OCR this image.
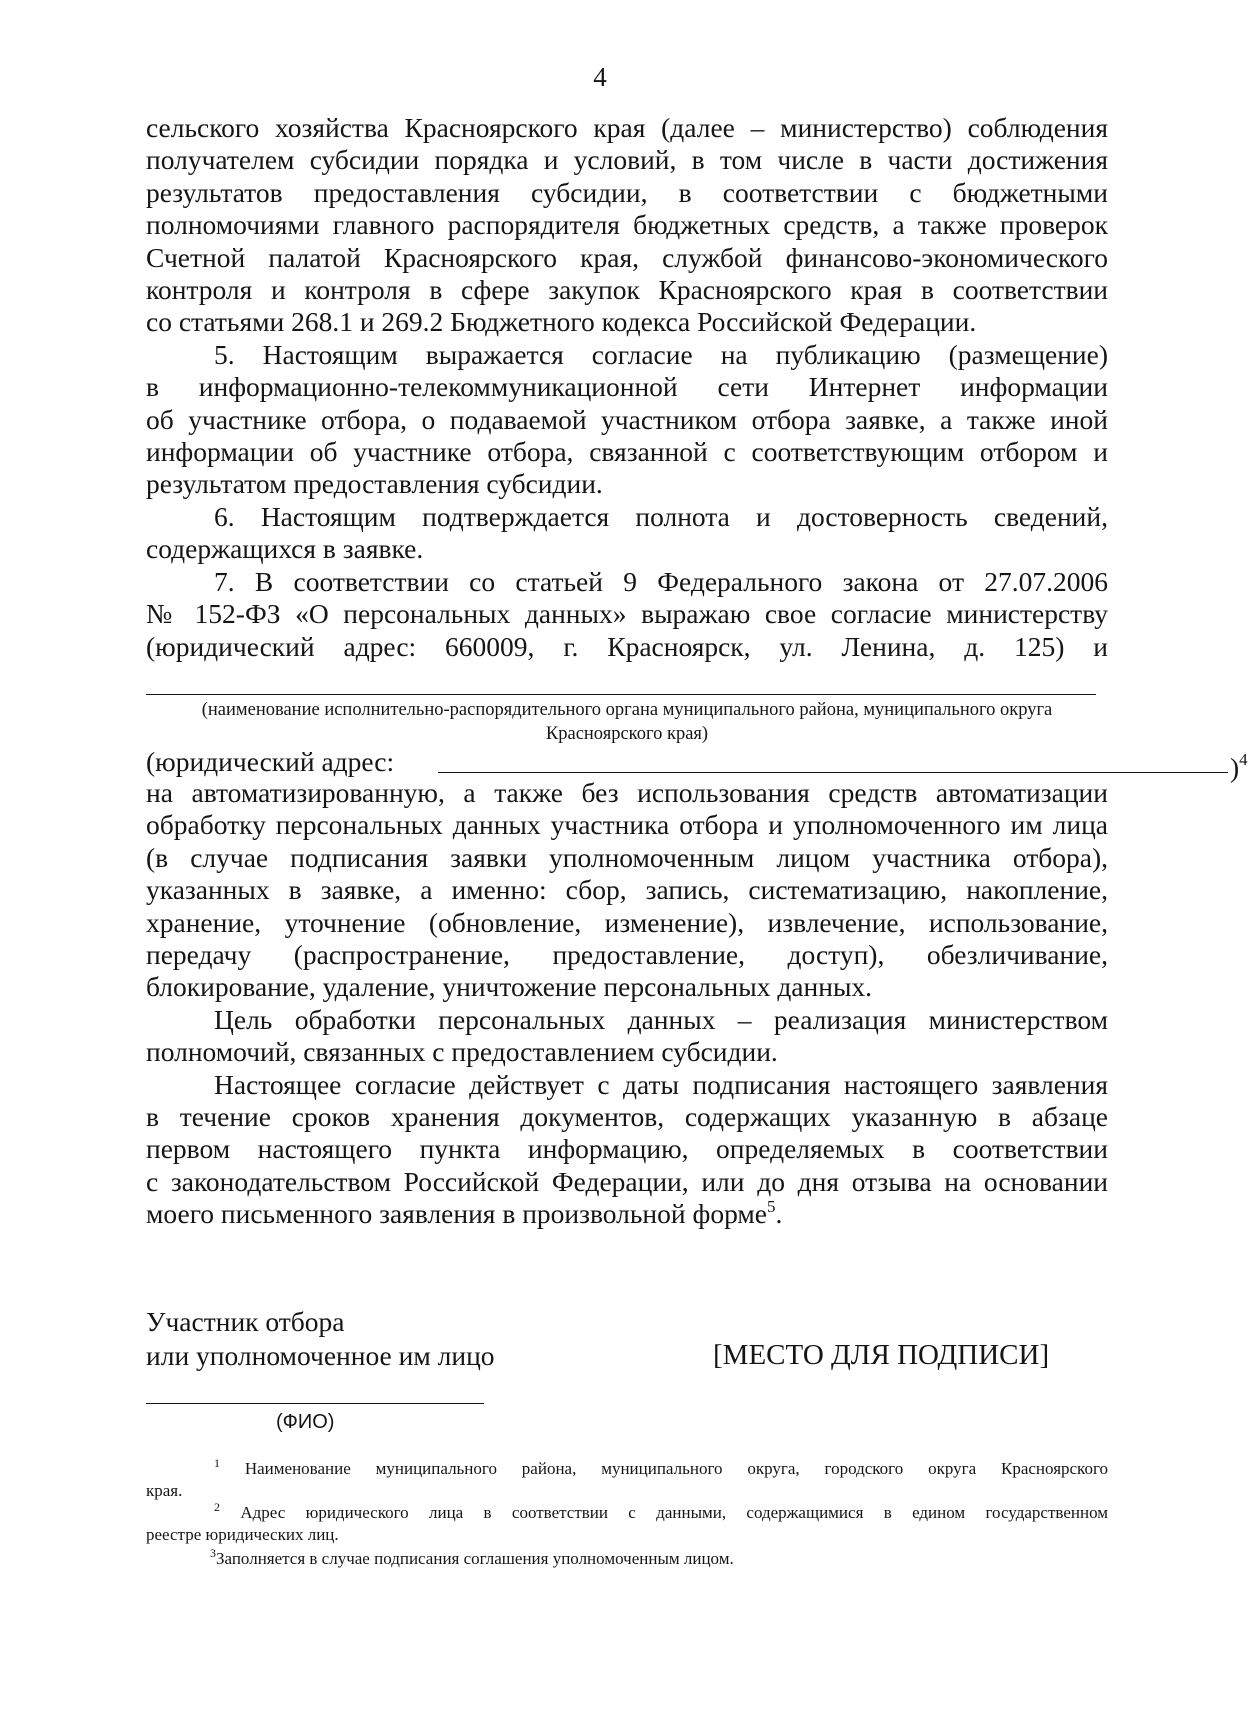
4

сельского хозяйства Красноярского края (далее – министерство) соблюдения
получателем субсидии порядка и условий, в том числе в части достижения
результатов предоставления субсидии, в соответствии с бюджетными
полномочиями главного распорядителя бюджетных средств, а также проверок
Счетной палатой Красноярского края, службой финансово-экономического
контроля и контроля в сфере закупок Красноярского края в соответствии
со статьями 268.1 и 269.2 Бюджетного кодекса Российской Федерации.

5. Настоящим выражается согласие на публикацию (размещение)
в информационно-телекоммуникационной сети Интернет информации
об участнике отбора, о подаваемой участником отбора заявке, а также иной
информации об участнике отбора, связанной с соответствующим отбором и
результатом предоставления субсидии.

6. Настоящим подтверждается полнота и достоверность сведений,
содержащихся в заявке.

7. В соответствии со статьей 9 Федерального закона от 27.07.2006
№ 152-ФЗ «О персональных данных» выражаю свое согласие министерству
(юридический адрес: 660009, г. Красноярск, ул. Ленина, д. 125) и

(наименование исполнительно-распорядительного органа муниципального района, муниципального округа
Красноярского края)
(юридический адрес:	)$^4$

на автоматизированную, а также без использования средств автоматизации
обработку персональных данных участника отбора и уполномоченного им лица
(в случае подписания заявки уполномоченным лицом участника отбора),
указанных в заявке, а именно: сбор, запись, систематизацию, накопление,
хранение, уточнение (обновление, изменение), извлечение, использование,
передачу (распространение, предоставление, доступ), обезличивание,
блокирование, удаление, уничтожение персональных данных.

Цель обработки персональных данных – реализация министерством
полномочий, связанных с предоставлением субсидии.

Настоящее согласие действует с даты подписания настоящего заявления
в течение сроков хранения документов, содержащих указанную в абзаце
первом настоящего пункта информацию, определяемых в соответствии
с законодательством Российской Федерации, или до дня отзыва на основании
моего письменного заявления в произвольной форме$^5$.

Участник отбора
или уполномоченное им лицо	[МЕСТО ДЛЯ ПОДПИСИ]
(ФИО)

$^1$ Наименование муниципального района, муниципального округа, городского округа Красноярского

края.

$^2$ Адрес юридического лица в соответствии с данными, содержащимися в едином государственном

реестре юридических лиц.

$^3$Заполняется в случае подписания соглашения уполномоченным лицом.
